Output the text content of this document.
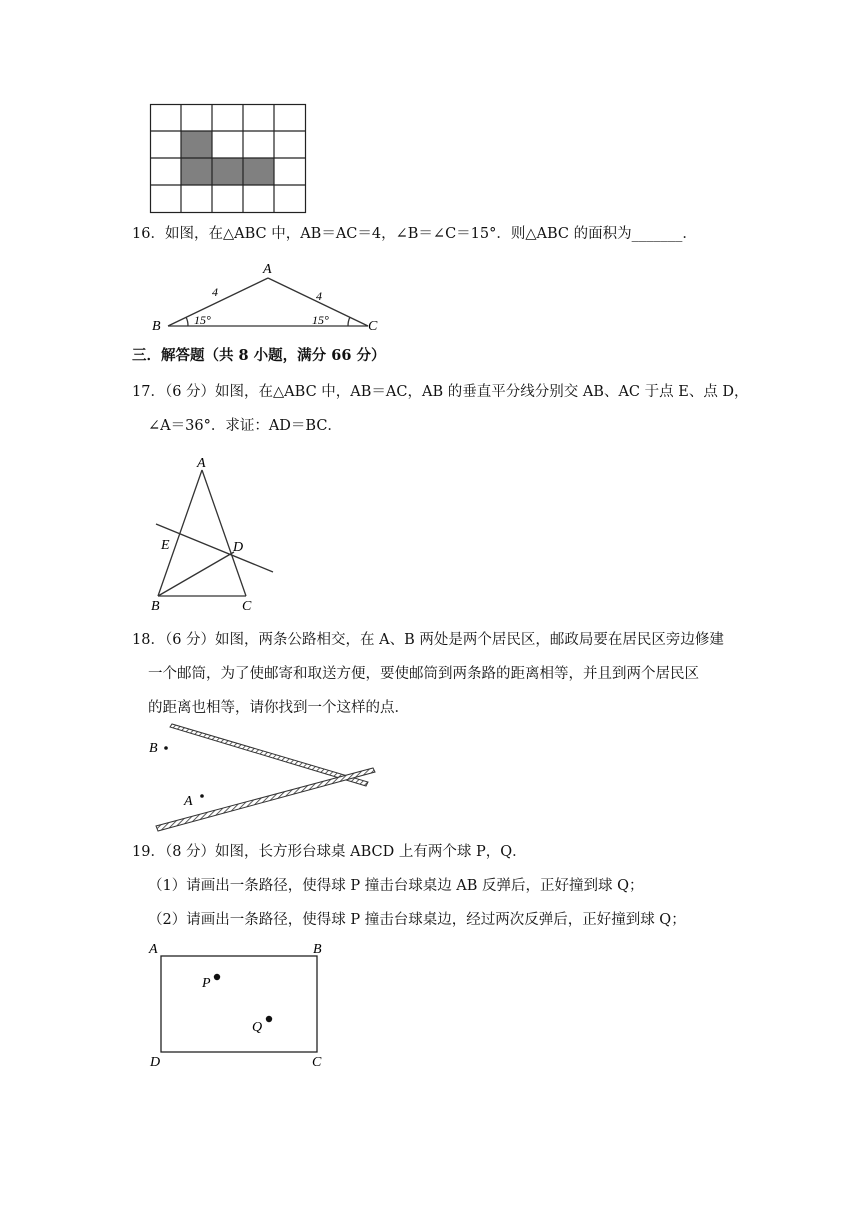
16．如图，在△ABC 中，AB＝AC＝4，∠B＝∠C＝15°．则△ABC 的面积为_______．
A
B	C
4	4
15°	15°
三．解答题（共 8 小题，满分 66 分）
17．（6 分）如图，在△ABC 中，AB＝AC，AB 的垂直平分线分别交 AB、AC 于点 E、点 D，
∠A＝36°．求证：AD＝BC．
A
B	C
D
E
18．（6 分）如图，两条公路相交，在 A、B 两处是两个居民区，邮政局要在居民区旁边修建
一个邮筒，为了使邮寄和取送方便，要使邮筒到两条路的距离相等，并且到两个居民区
的距离也相等，请你找到一个这样的点．
B
A
19．（8 分）如图，长方形台球桌 ABCD 上有两个球 P，Q．
（1）请画出一条路径，使得球 P 撞击台球桌边 AB 反弹后，正好撞到球 Q；
（2）请画出一条路径，使得球 P 撞击台球桌边，经过两次反弹后，正好撞到球 Q；
A	B
C
D
P
Q
